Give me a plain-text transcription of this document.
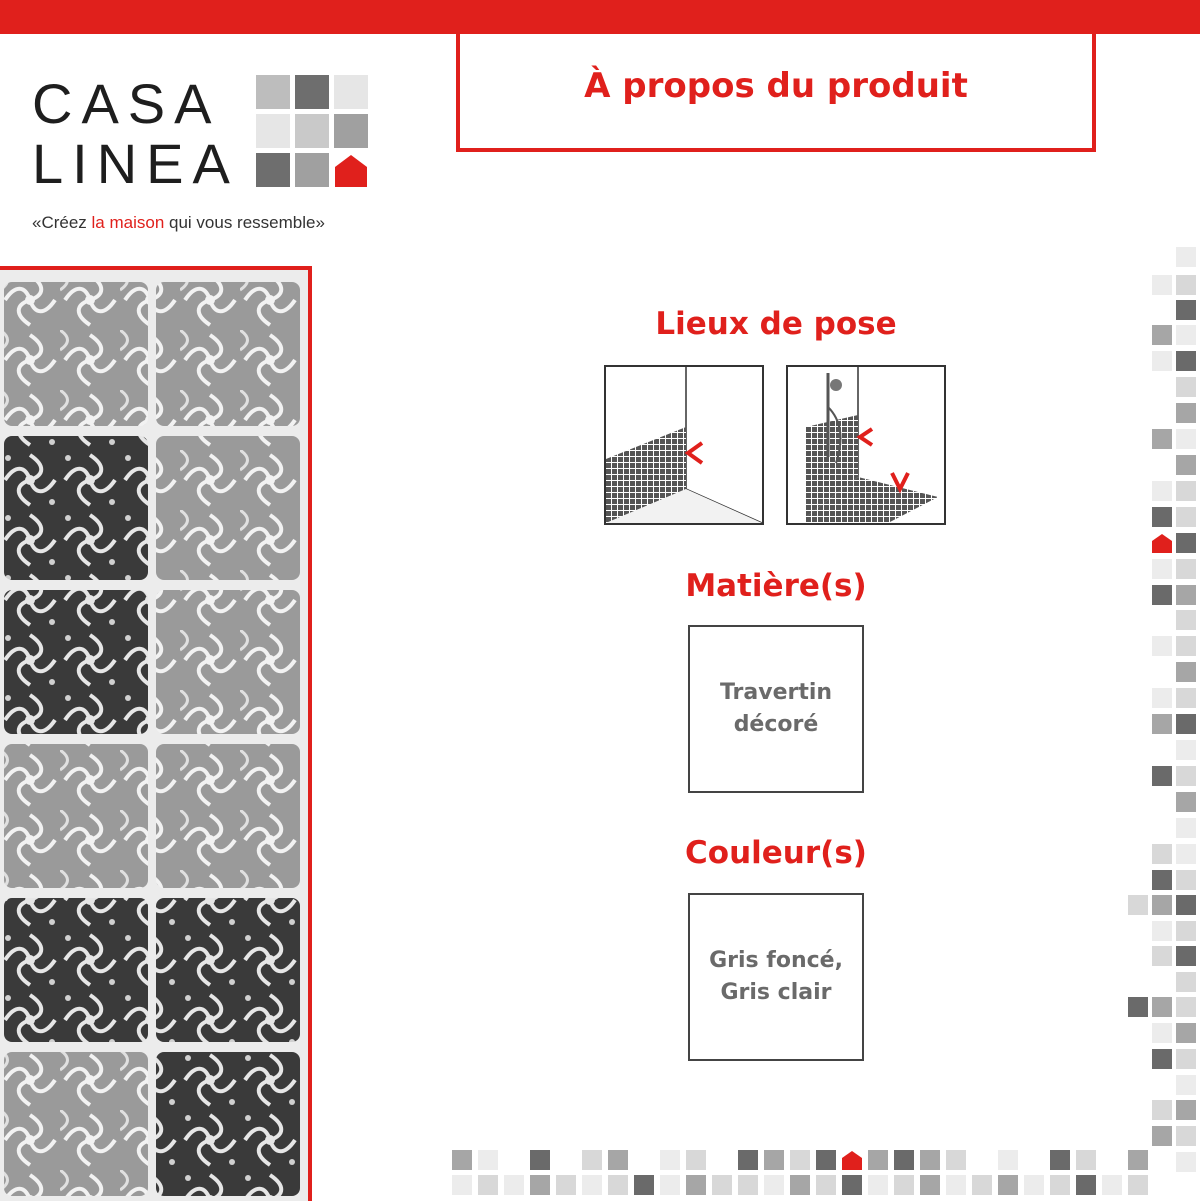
CASA
LINEA
«Créez la maison qui vous ressemble»
À propos du produit
Lieux de pose
Matière(s)
Travertin
décoré
Couleur(s)
Gris foncé,
Gris clair
